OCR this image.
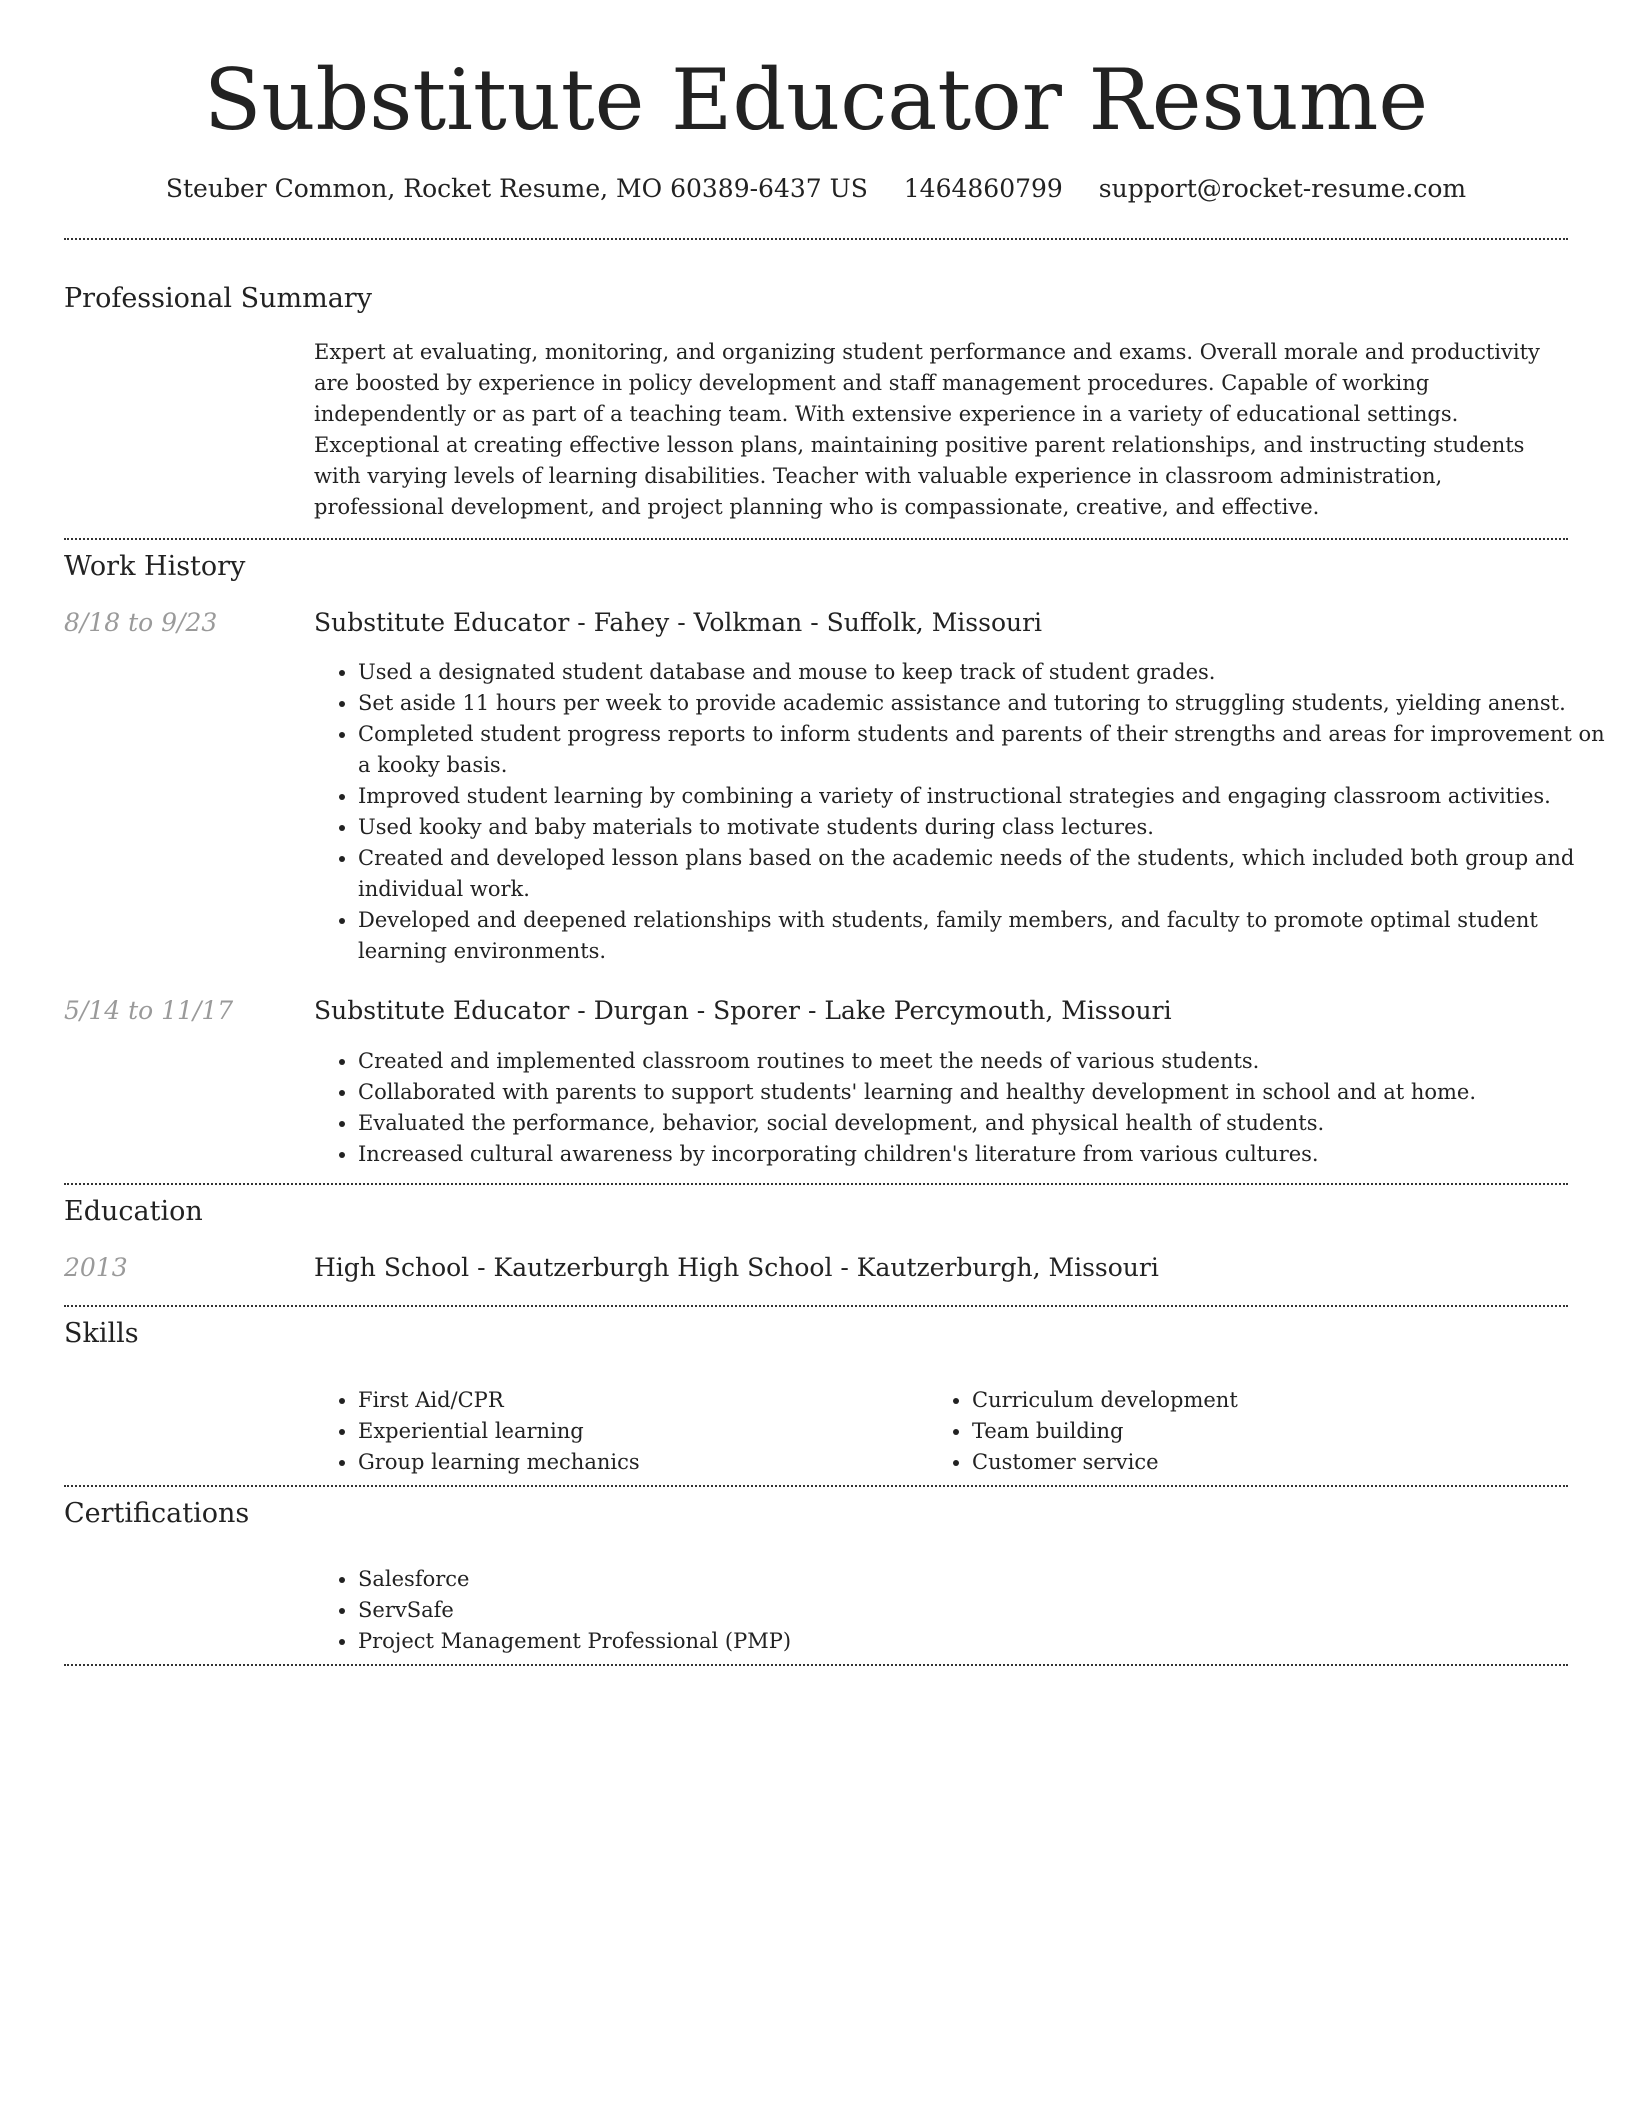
Substitute Educator Resume
Steuber Common, Rocket Resume, MO 60389-6437 US 1464860799 support@rocket-resume.com
Professional Summary
Expert at evaluating, monitoring, and organizing student performance and exams. Overall morale and productivity are boosted by experience in policy development and staff management procedures. Capable of working independently or as part of a teaching team. With extensive experience in a variety of educational settings. Exceptional at creating effective lesson plans, maintaining positive parent relationships, and instructing students with varying levels of learning disabilities. Teacher with valuable experience in classroom administration, professional development, and project planning who is compassionate, creative, and effective.
Work History
8/18 to 9/23	Substitute Educator - Fahey - Volkman - Suffolk, Missouri
• Used a designated student database and mouse to keep track of student grades.
• Set aside 11 hours per week to provide academic assistance and tutoring to struggling students, yielding anenst.
• Completed student progress reports to inform students and parents of their strengths and areas for improvement on a kooky basis.
• Improved student learning by combining a variety of instructional strategies and engaging classroom activities.
• Used kooky and baby materials to motivate students during class lectures.
• Created and developed lesson plans based on the academic needs of the students, which included both group and individual work.
• Developed and deepened relationships with students, family members, and faculty to promote optimal student learning environments.
5/14 to 11/17	Substitute Educator - Durgan - Sporer - Lake Percymouth, Missouri
• Created and implemented classroom routines to meet the needs of various students.
• Collaborated with parents to support students' learning and healthy development in school and at home.
• Evaluated the performance, behavior, social development, and physical health of students.
• Increased cultural awareness by incorporating children's literature from various cultures.
Education
2013	High School - Kautzerburgh High School - Kautzerburgh, Missouri
Skills
• First Aid/CPR
• Experiential learning
• Group learning mechanics
• Curriculum development
• Team building
• Customer service
Certifications
• Salesforce
• ServSafe
• Project Management Professional (PMP)
